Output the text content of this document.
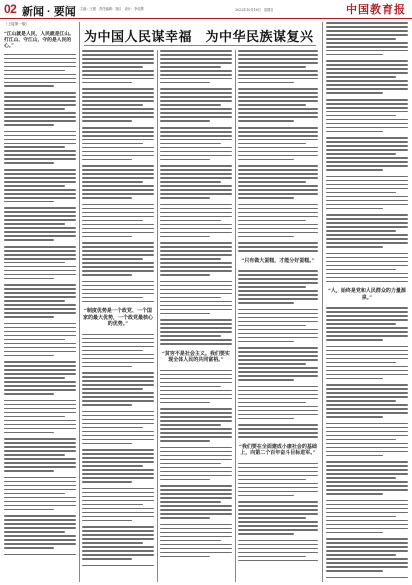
02 新闻 · 要闻 主编：王强　责任编辑：刘红　设计：李佳慧	2022年10月16日　星期日	中国教育报
为中国人民谋幸福　为中华民族谋复兴
（上接第一版）
“江山就是人民，人民就是江山。打江山、守江山，守的是人民的心。”
“制度优势是一个政党、一个国家的最大优势，一个政党最核心的优势。”
“贫穷不是社会主义。我们要实现全体人民的共同富裕。”
“只有做大蛋糕，才能分好蛋糕。”
“我们要在全面建成小康社会的基础上，向第二个百年奋斗目标进军。”
“人，始终是党和人民群众的力量源泉。”
